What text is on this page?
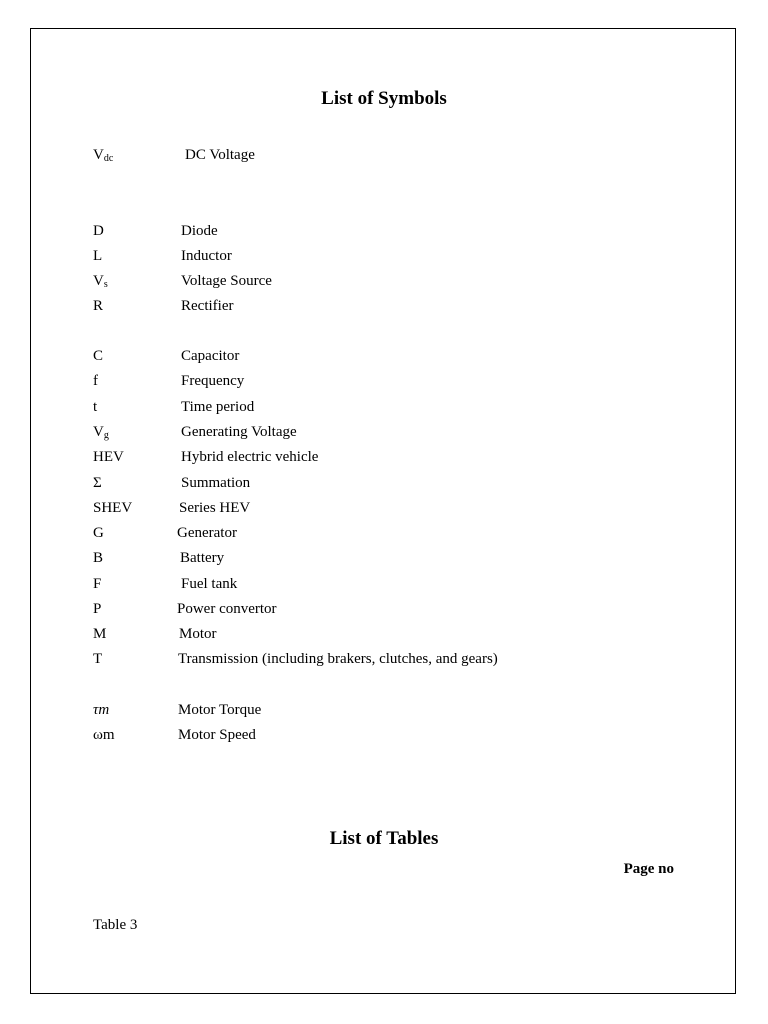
List of Symbols
$V_{dc}$	DC Voltage
D	Diode
L	Inductor
$V_s$	Voltage Source
R	Rectifier
C	Capacitor
f	Frequency
t	Time period
$V_g$	Generating Voltage
HEV	Hybrid electric vehicle
Σ	Summation
SHEV	Series HEV
G	Generator
B	Battery
F	Fuel tank
P	Power convertor
M	Motor
T	Transmission (including brakers, clutches, and gears)
τm	Motor Torque
ωm	Motor Speed
List of Tables
Page no
Table 3
